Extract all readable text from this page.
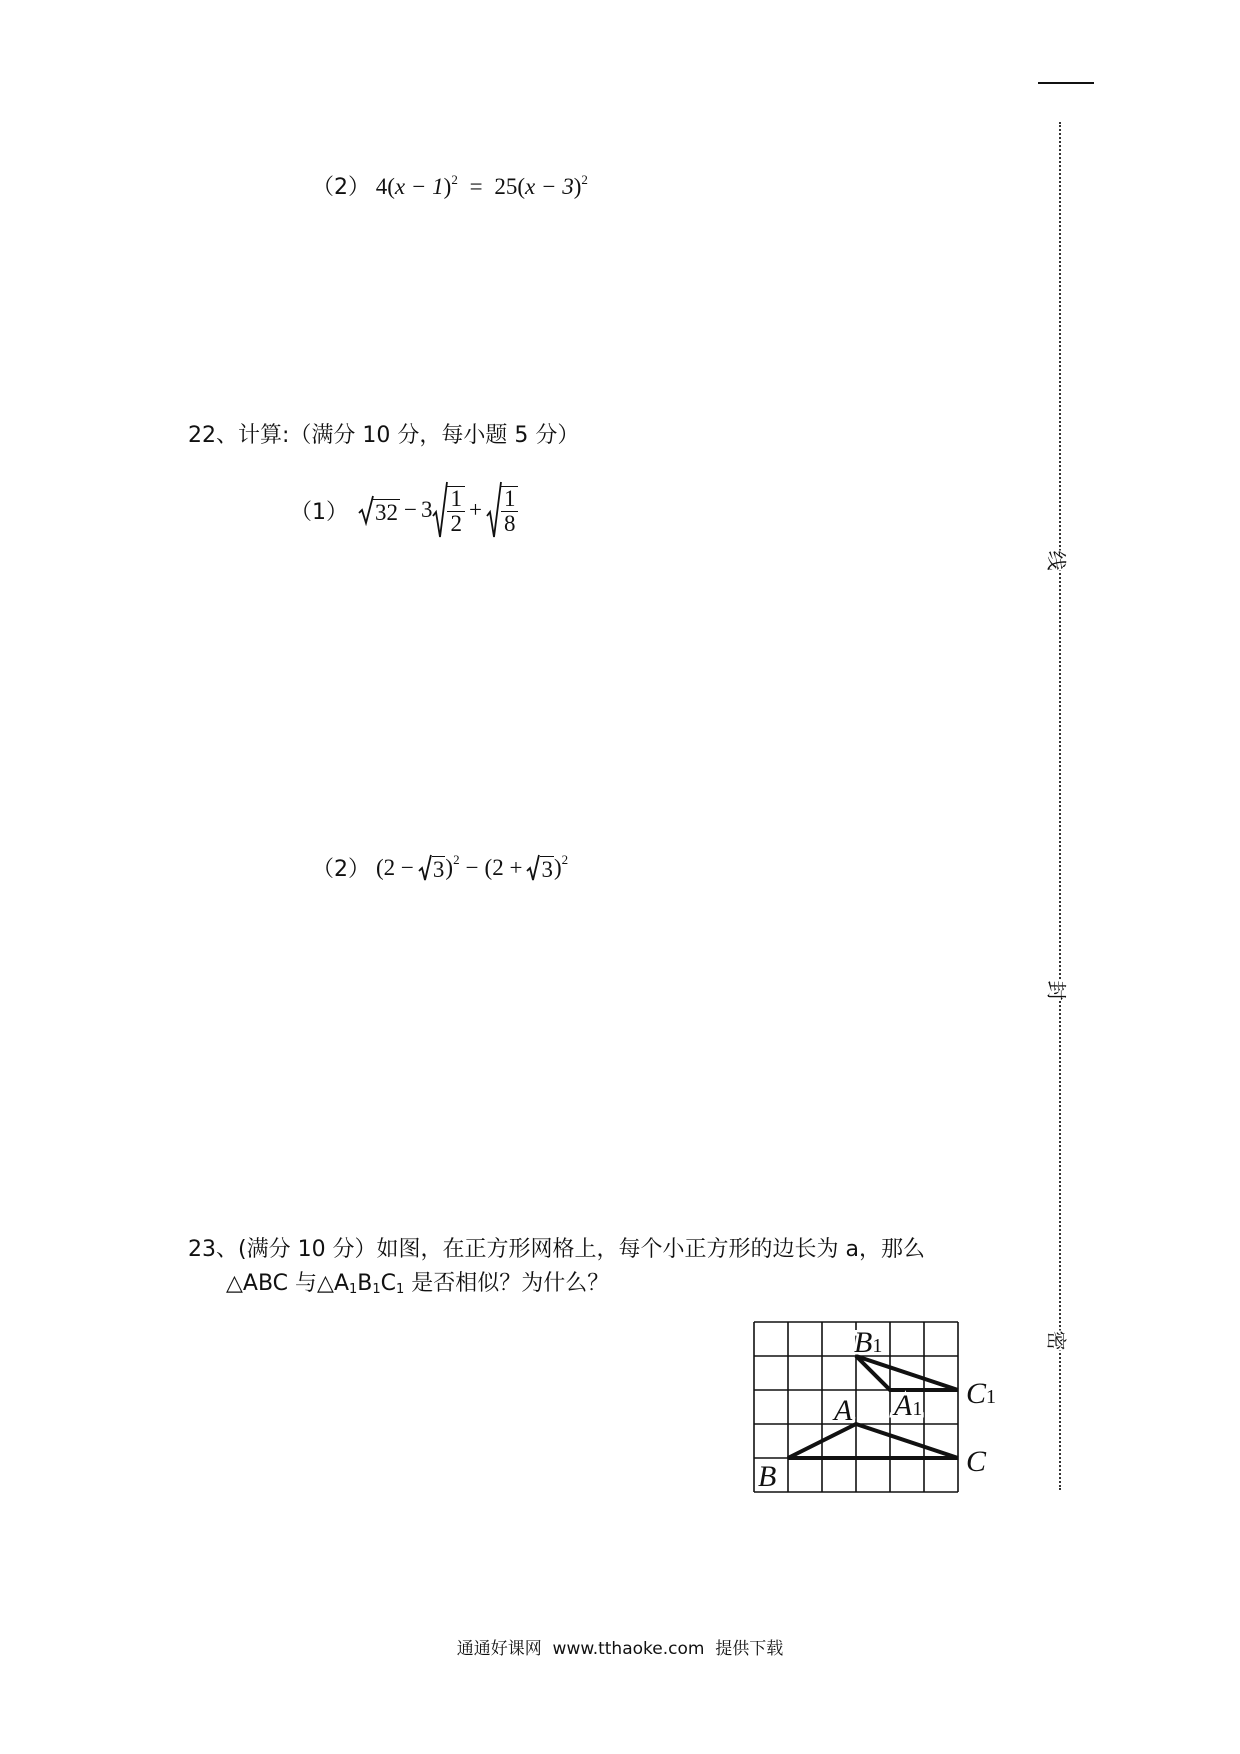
线
封
密
（2） $4(x - 1)^2 = 25(x - 3)^2$
22、计算:（满分 10 分，每小题 5 分）
（1） $32 - 3 \frac{1}{2} + \frac{1}{8}$
（2） (2 − 3 )$^2$ − (2 + 3 )$^2$
23、(满分 10 分）如图，在正方形网格上，每个小正方形的边长为 a，那么
△ABC 与$\triangle A_1B_1C_1$ 是否相似？为什么？
B1
C1
A A1
C
B
通通好课网  www.tthaoke.com  提供下载
